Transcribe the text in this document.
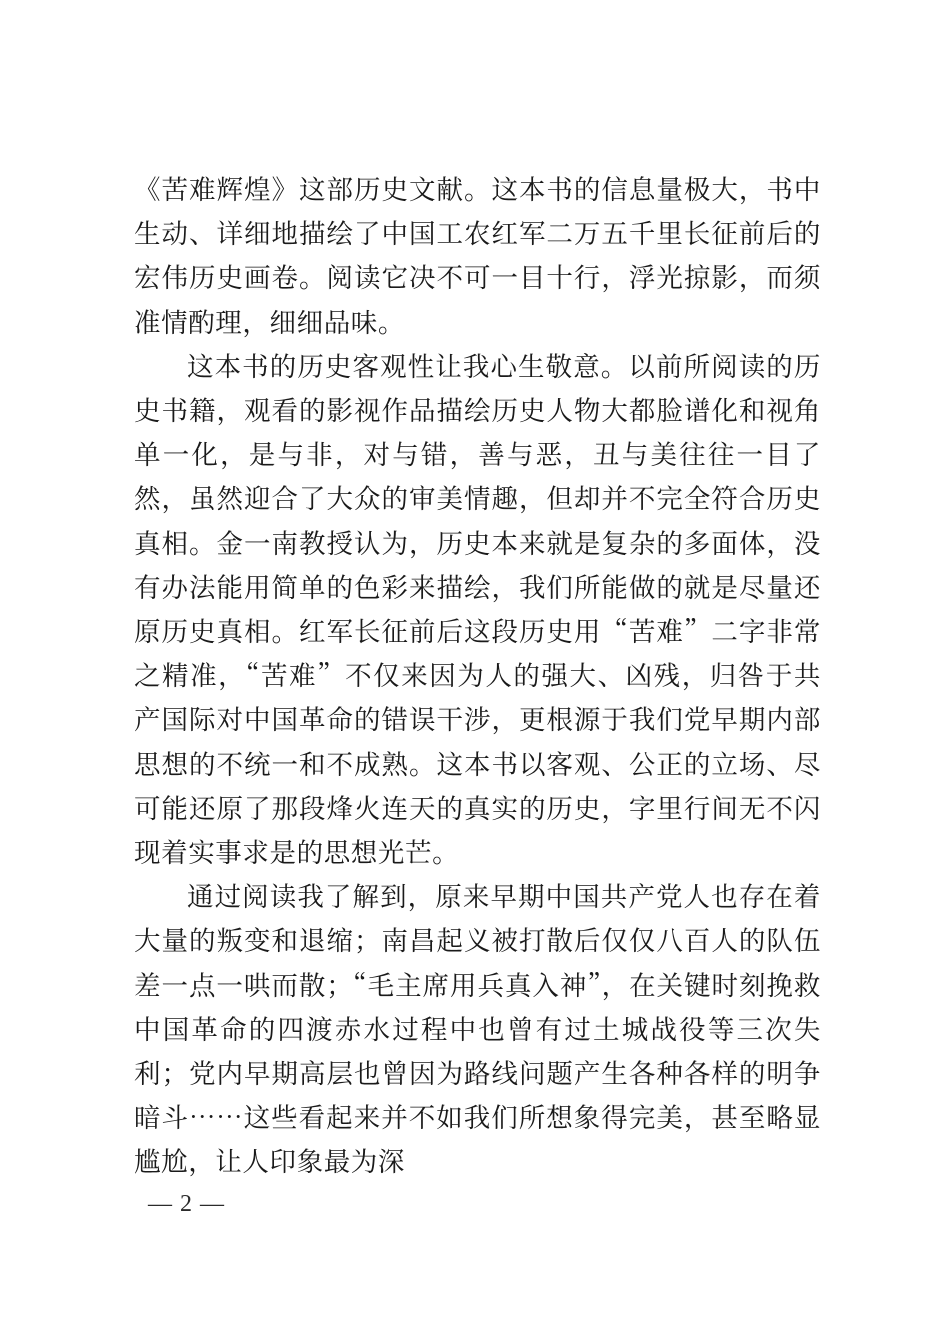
《苦难辉煌》这部历史文献。这本书的信息量极大，书中生动、详细地描绘了中国工农红军二万五千里长征前后的宏伟历史画卷。阅读它决不可一目十行，浮光掠影，而须准情酌理，细细品味。

这本书的历史客观性让我心生敬意。以前所阅读的历史书籍，观看的影视作品描绘历史人物大都脸谱化和视角单一化，是与非，对与错，善与恶，丑与美往往一目了然，虽然迎合了大众的审美情趣，但却并不完全符合历史真相。金一南教授认为，历史本来就是复杂的多面体，没有办法能用简单的色彩来描绘，我们所能做的就是尽量还原历史真相。红军长征前后这段历史用“苦难”二字非常之精准，“苦难”不仅来因为人的强大、凶残，归咎于共产国际对中国革命的错误干涉，更根源于我们党早期内部思想的不统一和不成熟。这本书以客观、公正的立场、尽可能还原了那段烽火连天的真实的历史，字里行间无不闪现着实事求是的思想光芒。

通过阅读我了解到，原来早期中国共产党人也存在着大量的叛变和退缩；南昌起义被打散后仅仅八百人的队伍差一点一哄而散；“毛主席用兵真入神”，在关键时刻挽救中国革命的四渡赤水过程中也曾有过土城战役等三次失利；党内早期高层也曾因为路线问题产生各种各样的明争暗斗……这些看起来并不如我们所想象得完美，甚至略显尴尬，让人印象最为深

— 2 —
